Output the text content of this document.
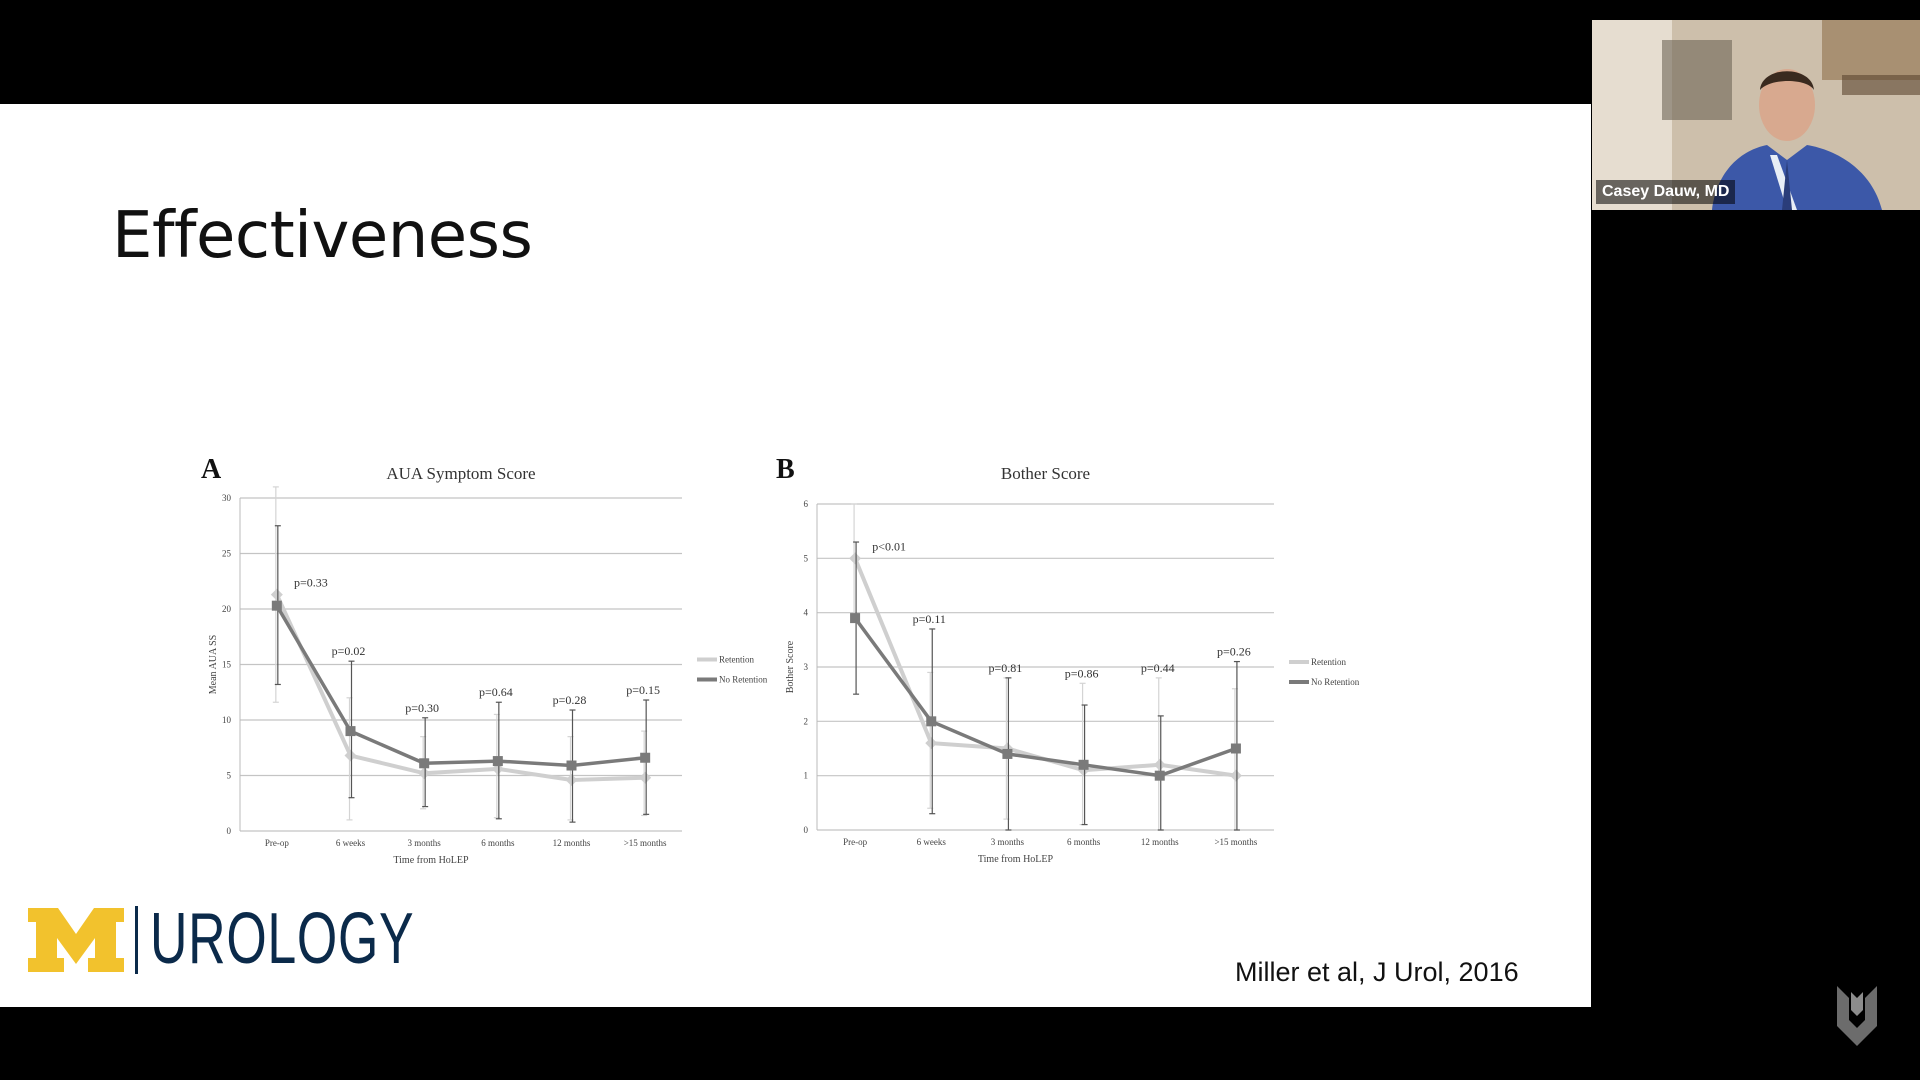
Effectiveness
A	AUA Symptom Score
0
5
10
15
20
25
30
Pre-op	6 weeks	3 months	6 months	12 months	>15 months
Time from HoLEP
Mean AUA SS
p=0.33
p=0.02
p=0.30
p=0.64
p=0.28
p=0.15
Retention
No Retention
B	Bother Score
0
1
2
3
4
5
6
Pre-op	6 weeks	3 months	6 months	12 months	>15 months
Time from HoLEP
Bother Score
p<0.01
p=0.11
p=0.81	p=0.86	p=0.44
p=0.26
Retention
No Retention
UROLOGY	Miller et al, J Urol, 2016
Casey Dauw, MD
